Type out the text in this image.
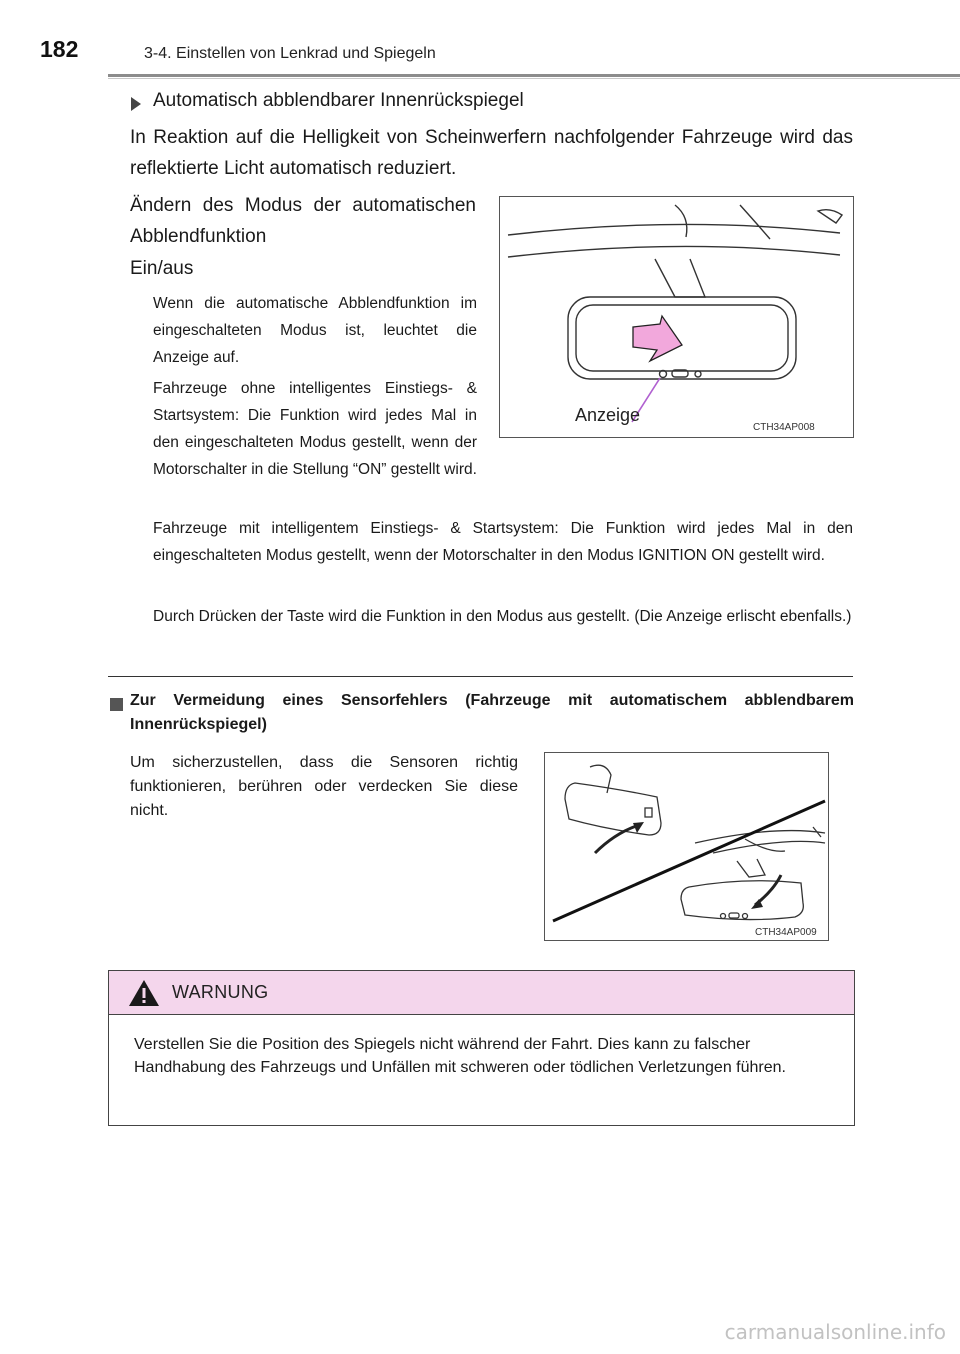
182	3-4. Einstellen von Lenkrad und Spiegeln
Automatisch abblendbarer Innenrückspiegel
In Reaktion auf die Helligkeit von Scheinwerfern nachfolgender Fahrzeuge wird das reflektierte Licht automatisch reduziert.
Ändern des Modus der automatischen Abblendfunktion
Ein/aus
Wenn die automatische Abblendfunktion im eingeschalteten Modus ist, leuchtet die Anzeige auf.
Fahrzeuge ohne intelligentes Einstiegs- & Startsystem: Die Funktion wird jedes Mal in den eingeschalteten Modus gestellt, wenn der Motorschalter in die Stellung “ON” gestellt wird.
Fahrzeuge mit intelligentem Einstiegs- & Startsystem: Die Funktion wird jedes Mal in den eingeschalteten Modus gestellt, wenn der Motorschalter in den Modus IGNITION ON gestellt wird.
Durch Drücken der Taste wird die Funktion in den Modus aus gestellt. (Die Anzeige erlischt ebenfalls.)
Anzeige
CTH34AP008
Zur Vermeidung eines Sensorfehlers (Fahrzeuge mit automatischem abblendbarem Innenrückspiegel)
Um sicherzustellen, dass die Sensoren richtig funktionieren, berühren oder verdecken Sie diese nicht.
CTH34AP009
WARNUNG
Verstellen Sie die Position des Spiegels nicht während der Fahrt. Dies kann zu falscher Handhabung des Fahrzeugs und Unfällen mit schweren oder tödlichen Verletzungen führen.
carmanualsonline.info
